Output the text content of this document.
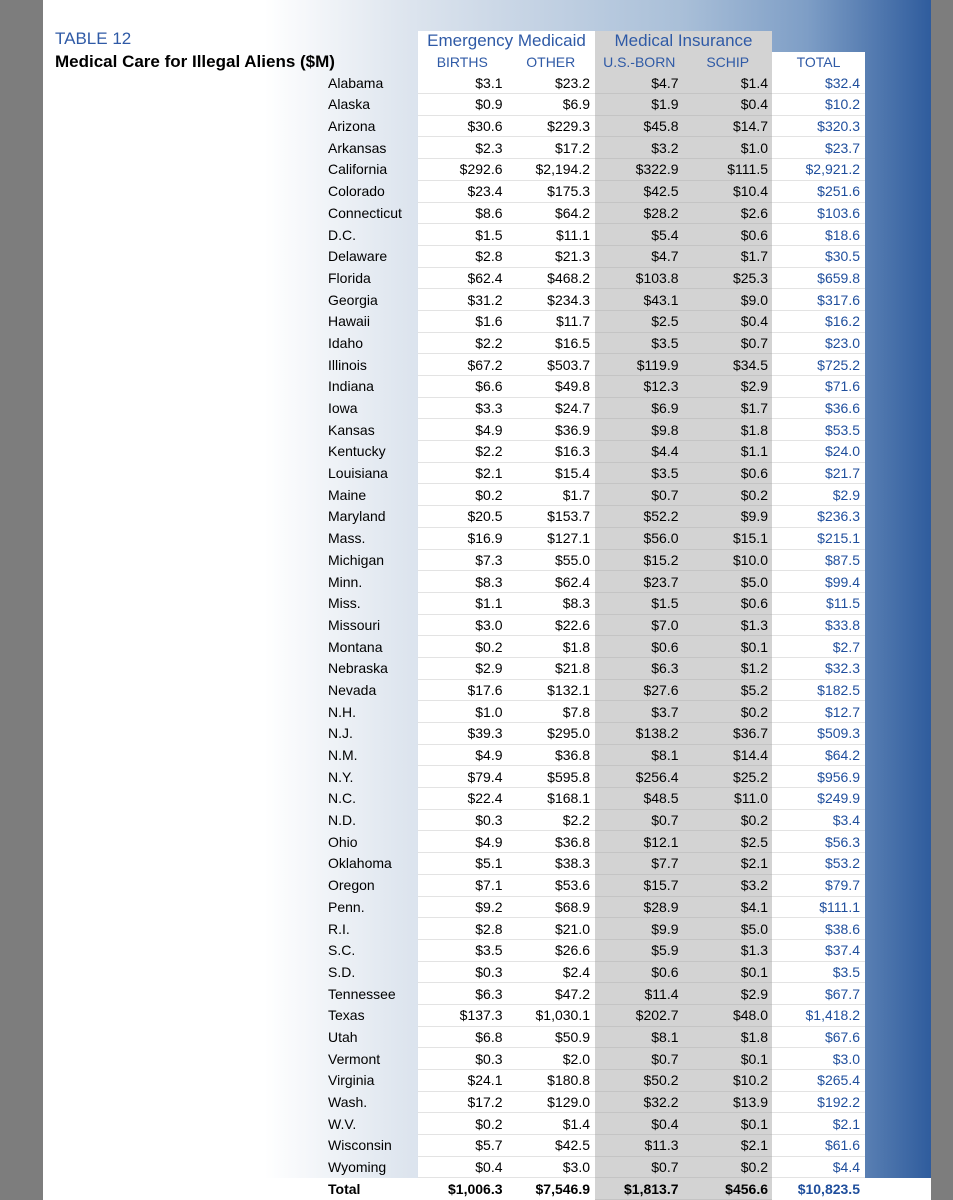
TABLE 12
Medical Care for Illegal Aliens ($M)
	Emergency Medicaid		Medical Insurance		
	BIRTHS	OTHER	U.S.-BORN	SCHIP	TOTAL
Alabama	$3.1	$23.2	$4.7	$1.4	$32.4
Alaska	$0.9	$6.9	$1.9	$0.4	$10.2
Arizona	$30.6	$229.3	$45.8	$14.7	$320.3
Arkansas	$2.3	$17.2	$3.2	$1.0	$23.7
California	$292.6	$2,194.2	$322.9	$111.5	$2,921.2
Colorado	$23.4	$175.3	$42.5	$10.4	$251.6
Connecticut	$8.6	$64.2	$28.2	$2.6	$103.6
D.C.	$1.5	$11.1	$5.4	$0.6	$18.6
Delaware	$2.8	$21.3	$4.7	$1.7	$30.5
Florida	$62.4	$468.2	$103.8	$25.3	$659.8
Georgia	$31.2	$234.3	$43.1	$9.0	$317.6
Hawaii	$1.6	$11.7	$2.5	$0.4	$16.2
Idaho	$2.2	$16.5	$3.5	$0.7	$23.0
Illinois	$67.2	$503.7	$119.9	$34.5	$725.2
Indiana	$6.6	$49.8	$12.3	$2.9	$71.6
Iowa	$3.3	$24.7	$6.9	$1.7	$36.6
Kansas	$4.9	$36.9	$9.8	$1.8	$53.5
Kentucky	$2.2	$16.3	$4.4	$1.1	$24.0
Louisiana	$2.1	$15.4	$3.5	$0.6	$21.7
Maine	$0.2	$1.7	$0.7	$0.2	$2.9
Maryland	$20.5	$153.7	$52.2	$9.9	$236.3
Mass.	$16.9	$127.1	$56.0	$15.1	$215.1
Michigan	$7.3	$55.0	$15.2	$10.0	$87.5
Minn.	$8.3	$62.4	$23.7	$5.0	$99.4
Miss.	$1.1	$8.3	$1.5	$0.6	$11.5
Missouri	$3.0	$22.6	$7.0	$1.3	$33.8
Montana	$0.2	$1.8	$0.6	$0.1	$2.7
Nebraska	$2.9	$21.8	$6.3	$1.2	$32.3
Nevada	$17.6	$132.1	$27.6	$5.2	$182.5
N.H.	$1.0	$7.8	$3.7	$0.2	$12.7
N.J.	$39.3	$295.0	$138.2	$36.7	$509.3
N.M.	$4.9	$36.8	$8.1	$14.4	$64.2
N.Y.	$79.4	$595.8	$256.4	$25.2	$956.9
N.C.	$22.4	$168.1	$48.5	$11.0	$249.9
N.D.	$0.3	$2.2	$0.7	$0.2	$3.4
Ohio	$4.9	$36.8	$12.1	$2.5	$56.3
Oklahoma	$5.1	$38.3	$7.7	$2.1	$53.2
Oregon	$7.1	$53.6	$15.7	$3.2	$79.7
Penn.	$9.2	$68.9	$28.9	$4.1	$111.1
R.I.	$2.8	$21.0	$9.9	$5.0	$38.6
S.C.	$3.5	$26.6	$5.9	$1.3	$37.4
S.D.	$0.3	$2.4	$0.6	$0.1	$3.5
Tennessee	$6.3	$47.2	$11.4	$2.9	$67.7
Texas	$137.3	$1,030.1	$202.7	$48.0	$1,418.2
Utah	$6.8	$50.9	$8.1	$1.8	$67.6
Vermont	$0.3	$2.0	$0.7	$0.1	$3.0
Virginia	$24.1	$180.8	$50.2	$10.2	$265.4
Wash.	$17.2	$129.0	$32.2	$13.9	$192.2
W.V.	$0.2	$1.4	$0.4	$0.1	$2.1
Wisconsin	$5.7	$42.5	$11.3	$2.1	$61.6
Wyoming	$0.4	$3.0	$0.7	$0.2	$4.4
Total	$1,006.3	$7,546.9	$1,813.7	$456.6	$10,823.5
